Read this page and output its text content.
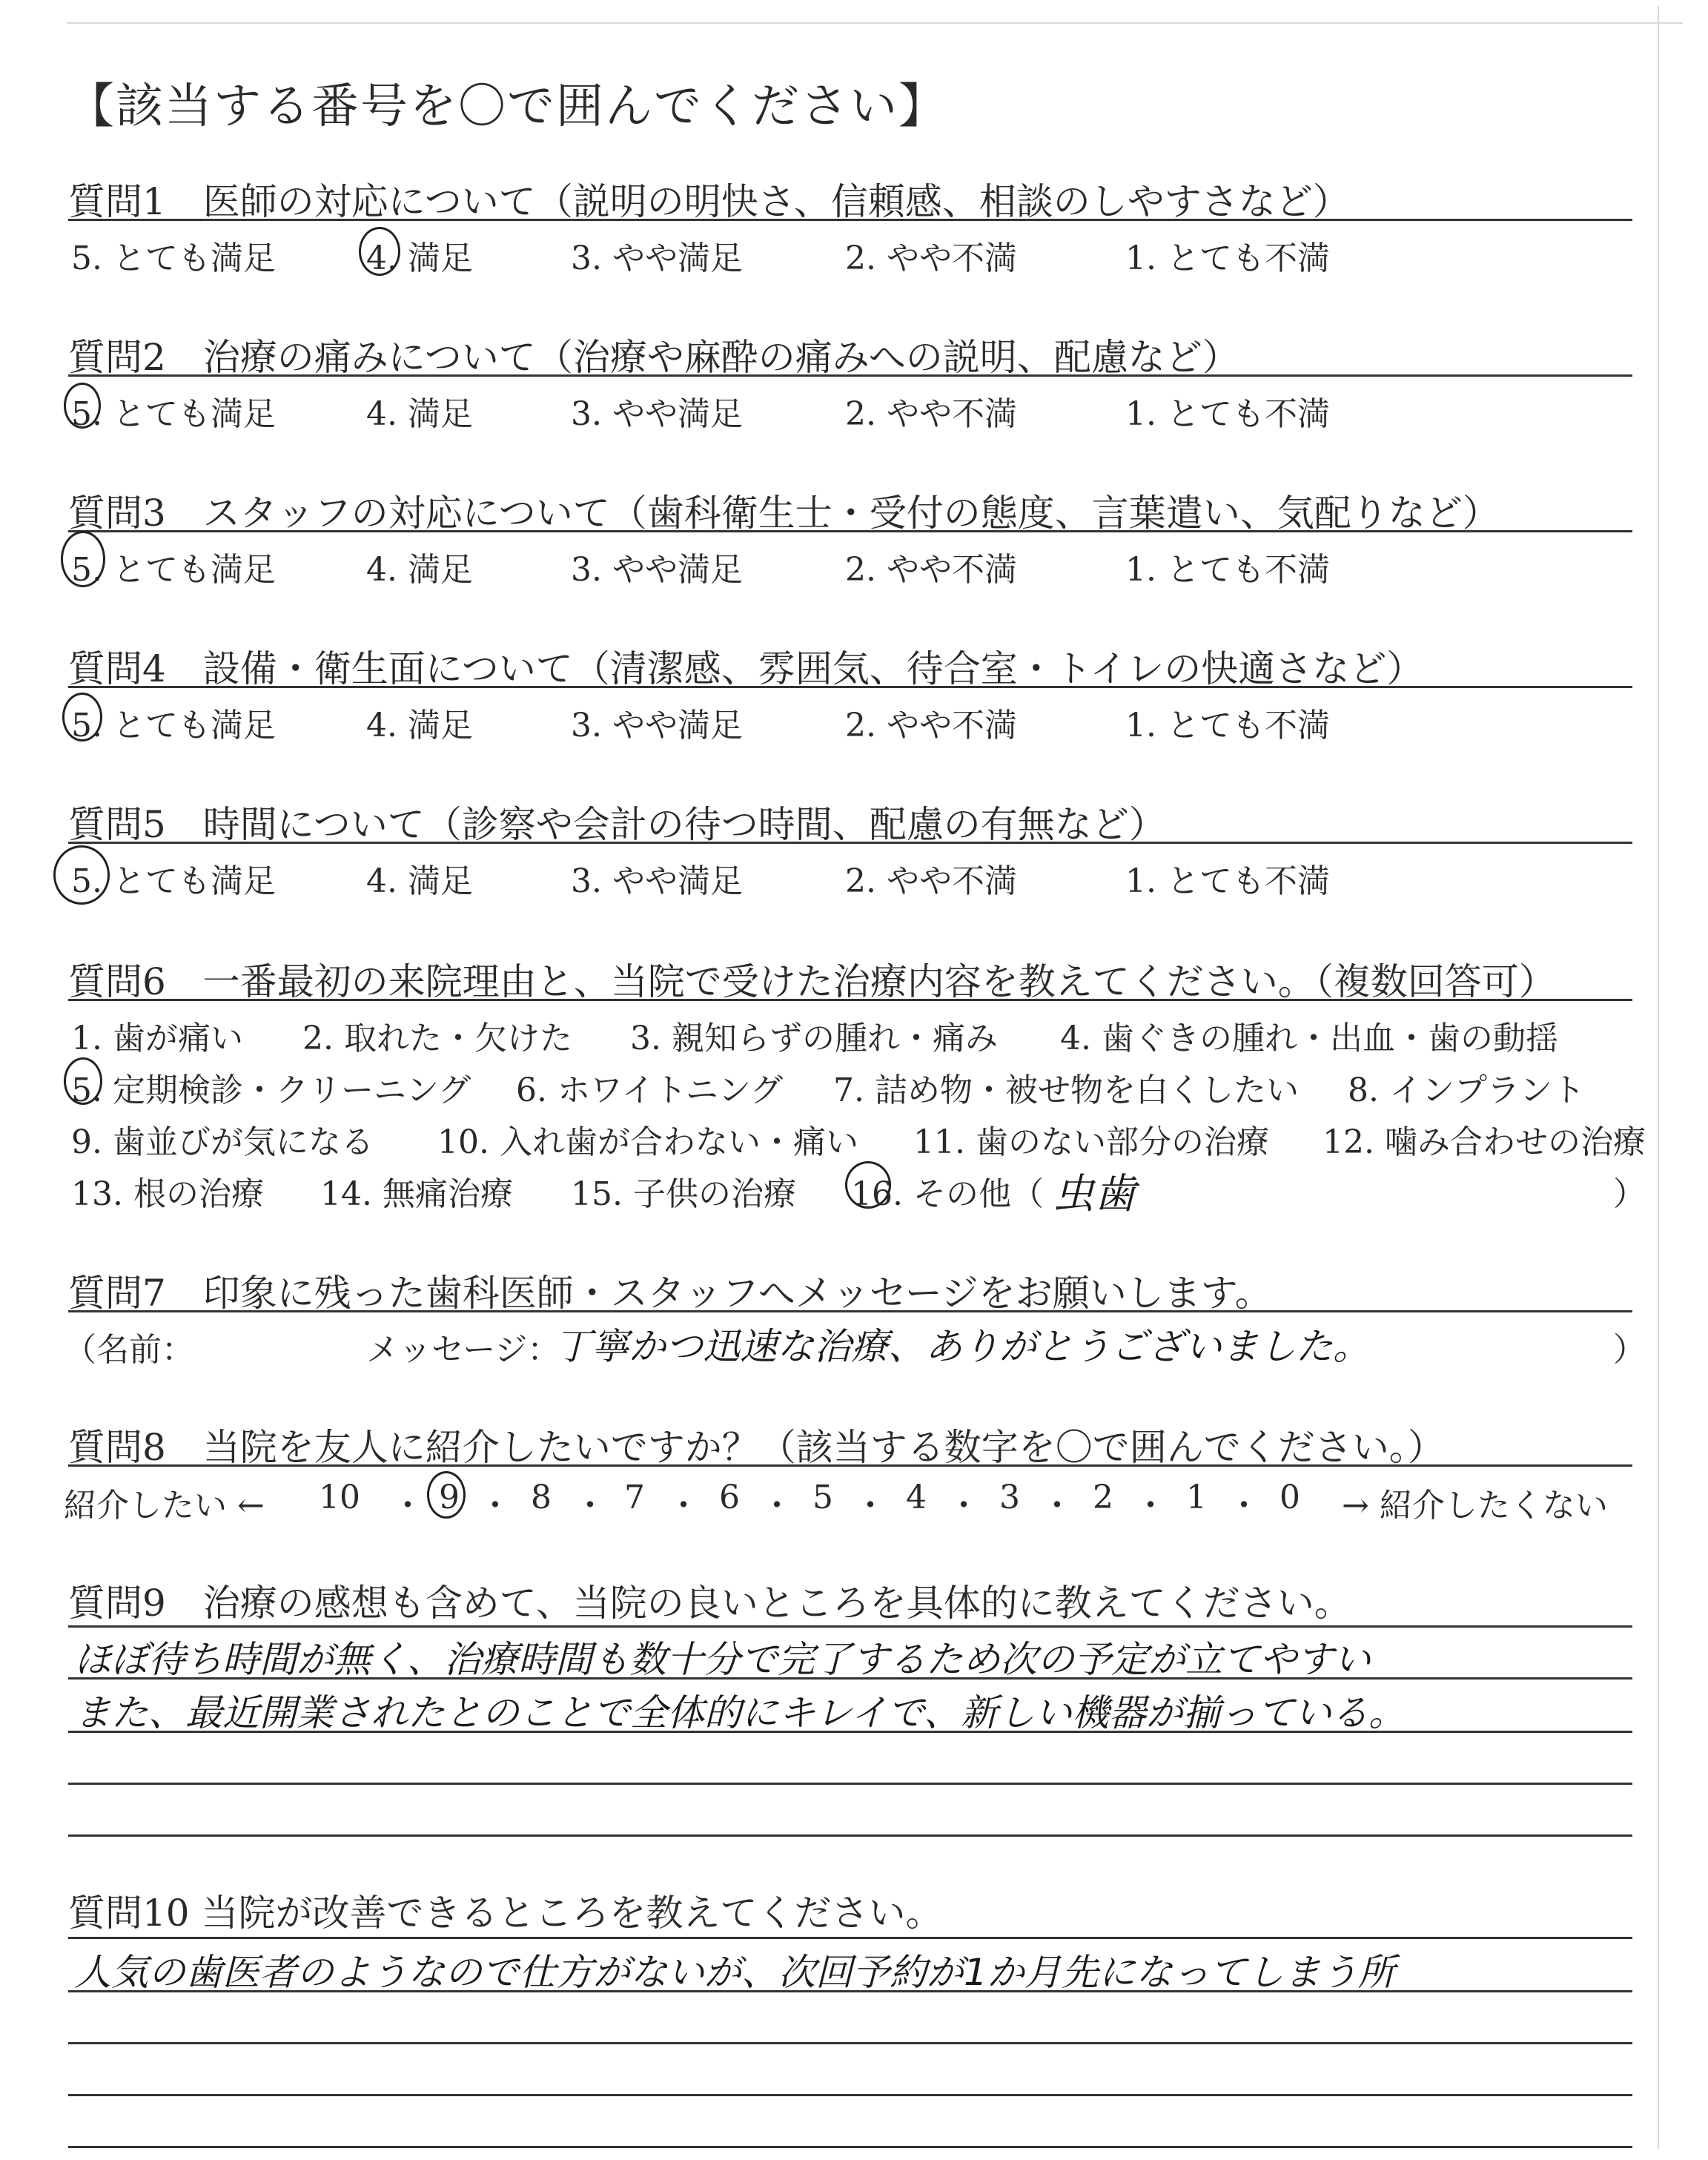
【該当する番号を〇で囲んでください】
質問1　医師の対応について（説明の明快さ、信頼感、相談のしやすさなど）
5. とても満足	4. 満足	3. やや満足	2. やや不満	1. とても不満
質問2　治療の痛みについて（治療や麻酔の痛みへの説明、配慮など）
5. とても満足	4. 満足	3. やや満足	2. やや不満	1. とても不満
質問3　スタッフの対応について（歯科衛生士・受付の態度、言葉遣い、気配りなど）
5. とても満足	4. 満足	3. やや満足	2. やや不満	1. とても不満
質問4　設備・衛生面について（清潔感、雰囲気、待合室・トイレの快適さなど）
5. とても満足	4. 満足	3. やや満足	2. やや不満	1. とても不満
質問5　時間について（診察や会計の待つ時間、配慮の有無など）
5. とても満足	4. 満足	3. やや満足	2. やや不満	1. とても不満
質問6　一番最初の来院理由と、当院で受けた治療内容を教えてください。（複数回答可）
1. 歯が痛い 2. 取れた・欠けた 3. 親知らずの腫れ・痛み 4. 歯ぐきの腫れ・出血・歯の動揺
5. 定期検診・クリーニング 6. ホワイトニング 7. 詰め物・被せ物を白くしたい 8. インプラント
9. 歯並びが気になる 10. 入れ歯が合わない・痛い 11. 歯のない部分の治療 12. 噛み合わせの治療
13. 根の治療 14. 無痛治療 15. 子供の治療 16. その他（ 虫歯	）
質問7　印象に残った歯科医師・スタッフへメッセージをお願いします。
（名前：	メッセージ：
丁寧かつ迅速な治療、ありがとうございました。	）
質問8　当院を友人に紹介したいですか？（該当する数字を〇で囲んでください。）
紹介したい ←	→ 紹介したくない
10 ・ 9 ・ 8 ・ 7 ・ 6 ・ 5 ・ 4 ・ 3 ・ 2 ・ 1 ・ 0
質問9　治療の感想も含めて、当院の良いところを具体的に教えてください。
ほぼ待ち時間が無く、治療時間も数十分で完了するため次の予定が立てやすい
また、最近開業されたとのことで全体的にキレイで、新しい機器が揃っている。
質問10 当院が改善できるところを教えてください。
人気の歯医者のようなので仕方がないが、次回予約が1か月先になってしまう所
